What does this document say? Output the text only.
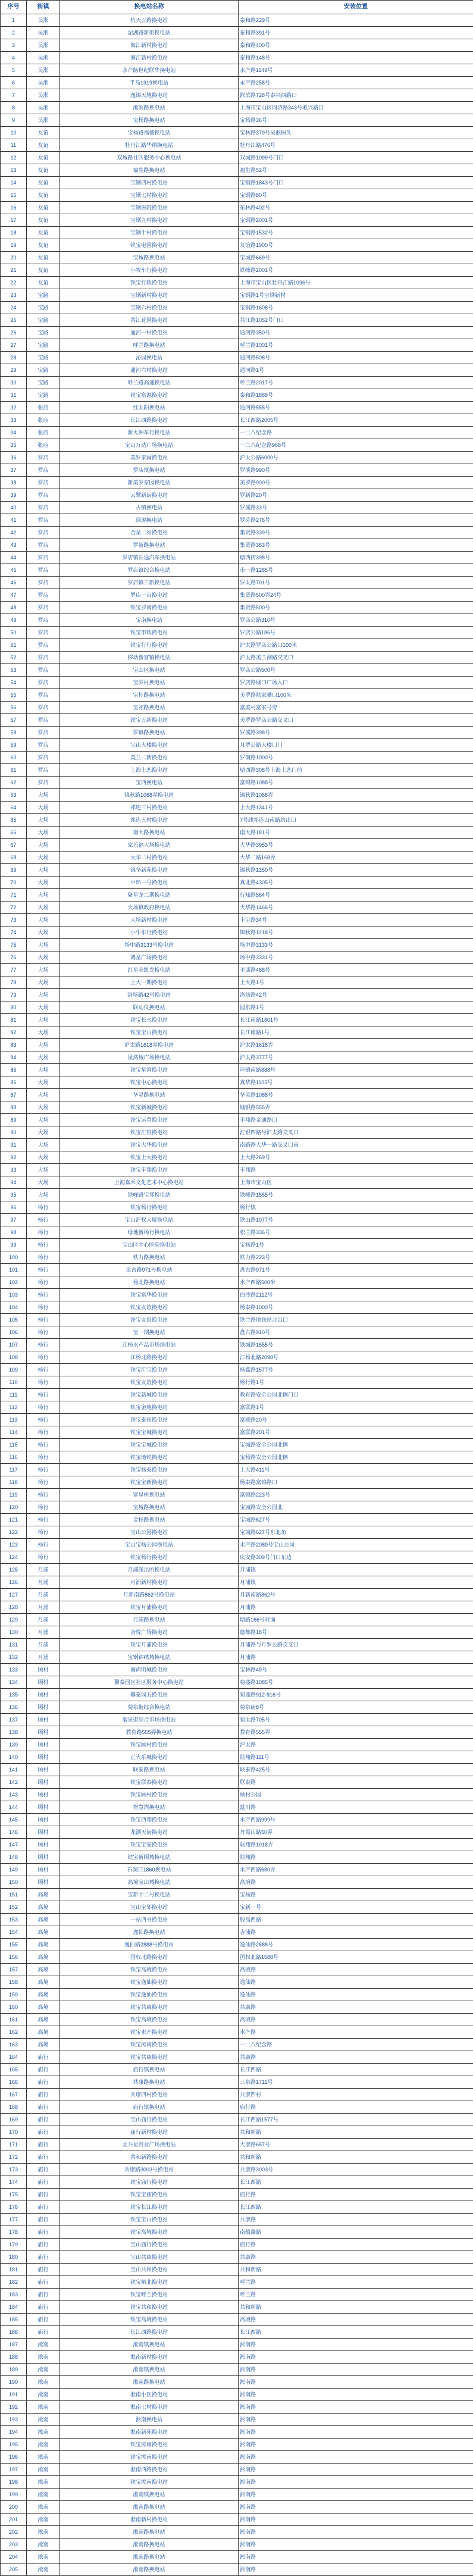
序号	街镇	换电站名称	安装位置
1	吴淞	杭天五路换电站	泰和路229号
2	吴淞	泥湖路新街换电站	泰和路391号
3	吴淞	海江新村换电站	泰和路400号
4	吴淞	海江新村换电站	泰和路148号
5	吴淞	永产路世纪联华换电站	永产路1149号
6	吴淞	半岛1919换电站	永产路258号
7	吴淞	逸锦天地换电站	淞滨路728号泰兴西路口
8	吴淞	淞滨路换电站	上海市宝山区同济路343号淞兴路口
9	吴淞	宝杨路换电站	宝杨路36号
10	友谊	宝杨路福德换电站	宝林路379号吴淞码头
11	友谊	牡丹江路华纳换电站	牡丹江路476号
12	友谊	双城路社区服务中心换电站	双城路1099号门口
13	友谊	福生路换电站	福生路52号
14	友谊	宝钢四村换电站	宝钢路1843号门口
15	友谊	宝钢七村换电站	宝钢路80号
16	友谊	宝钢医院换电站	东林路402号
17	友谊	宝钢九村换电站	宝钢路2001号
18	友谊	宝钢十村换电站	宝钢路1532号
19	友谊	铁宝电园换电站	友谊路1900号
20	友谊	宝城路换电站	宝城路669号
21	友谊	小牧车行换电站	铁峰路2001号
22	友谊	铁宝行政换电站	上海市宝山区牡丹江路1096号
23	宝路	宝钢新村换电站	宝钢路1号宝钢新村
24	宝路	宝钢六村换电站	宝钢路1608号
25	宝路	共江花园换电站	共江路1052号门口
26	宝路	通河一村换电站	通河路350号
27	宝路	呼兰路换电站	呼兰路1001号
28	宝路	沁园换电站	通河路508号
29	宝路	通河六村换电站	通河路1号
30	宝路	呼兰路高速换电站	呼兰路2017号
31	宝路	铁宝富源换电站	泰和路1889号
32	张庙	红太阳换电站	通河路555号
33	张庙	长江西路换电站	长江西路2005号
34	张庙	新大洲车行换电站	一二八纪念路
35	张庙	宝山万达广场换电站	一二八纪念路968号
36	罗店	美罗家园换电站	沪太公路6000号
37	罗店	罗店镇换电站	罗溪路990号
38	罗店	新美罗家园换电站	美罗路900号
39	罗店	云鹭新街换电站	罗新路20号
40	罗店	古镇换电站	罗溪路33号
41	罗店	绿源换电站	罗芬路276号
42	罗店	金星二站换电站	集贤路339号
43	罗店	罗新路换电站	集贤路363号
44	罗店	罗店镇长途汽车换电站	塘西街398号
45	罗店	罗店镇综合换电站	市一路1285号
46	罗店	罗店镇三新换电站	罗太路701号
47	罗店	罗店一百换电站	集贤路500弄24号
48	罗店	铁宝罗南换电站	集贤路500号
49	罗店	宝南换电站	罗店公路310号
50	罗店	铁宝市政换电站	罗店公路186号
51	罗店	铁宝行行换电站	沪太路罗店公路口100米
52	罗店	移动新富镇换电站	沪太路美兰湖路交叉口
53	罗店	宝山区换电站	罗店公路500号
54	罗店	宝罗村换电站	罗店路城口广场入口
55	罗店	宝桂路换电站	美罗路陆家嘴口100米
56	罗店	宝祁路换电站	富美村富家号旁
57	罗店	铁宝五新换电站	美罗路罗店公路交叉口
58	罗店	罗镇路换电站	罗溪路398号
59	罗店	宝山大楼换电站	月罗公路大楼口门
60	罗店	美兰二新换电站	罗南路1000号
61	罗店	上海上恋换电站	塘西路308号上海上恋门前
62	罗店	宝西换电站	富锦路1088号
63	大场	锦秋路1068弄换电站	锦秋路1068弄
64	大场	祁连三村换电站	上大路1341号
65	大场	祁连五村换电站	7号线祁连山南路站出口
66	大场	南大路换电站	南大路181号
67	大场	家乐福大场换电站	大华路3953号
68	大场	大华二村换电站	大华二路168弄
69	大场	锦华新苑换电站	锦秋路1350号
70	大场	中环一号换电站	真北路4305号
71	大场	聚星龙二期换电站	行知路564号
72	大场	大场镇政府换电站	大华路1466号
73	大场	大场新村换电站	丰宝路34号
74	大场	小牛车行换电站	锦秋路1218号
75	大场	场中路3133号换电站	场中路3133号
76	大场	鸿星广场换电站	场中路3331号
77	大场	红星美凯龙换电站	平遥路488号
78	大场	上大一期换电站	上大路1号
79	大场	洛场路42号换电站	洛场路42号
80	大场	联动仪换电站	园东路1号
81	大场	铁宝长水换电站	长江南路1801号
82	大场	铁宝宝山换电站	长江南路1号
83	大场	沪太路1618弄换电站	沪太路1618弄
84	大场	星湾城广场换电站	沪太路3777号
85	大场	铁宝星湾换电站	环镇南路888号
86	大场	铁宝中心换电站	真华路1105号
87	大场	华灵路换电站	华灵路1088号
88	大场	铁宝新城换电站	城银路555弄
89	大场	铁宝运营换电站	丰翔路金通路口
90	大场	铁宝汇银换电站	汇银四路与沪太路交叉口
91	大场	铁宝大华换电站	南路路大华一路交叉口南
92	大场	铁宝上大换电站	上大路269号
93	大场	铁宝丰翔换电站	丰翔路
94	大场	上海嘉禾文化艺术中心换电站	上海市宝山区
95	大场	铁峰路宝邻换电站	铁峰路1555号
96	杨行	铁宝杨行换电站	杨行镇
97	杨行	宝山沪权大厦换电站	铁山路1077号
98	杨行	绿地新杨行换电站	松兰路336号
99	杨行	宝山区中心医院换电站	宝杨路1号
100	杨行	铁力路换电站	铁力路223号
101	杨行	盘古路971号换电站	盘古路971号
102	杨行	杨北路换电站	水产西路500米
103	杨行	铁宝富华换电站	白沙路2112号
104	杨行	铁宝友谊换电站	杨泰路1000号
105	杨行	铁宝友谊换电站	铁兰路地铁站北出口
106	杨行	宝一期换电站	盘古路910号
107	杨行	江杨水产品市场换电站	铁城路1555号
108	杨行	江杨北路换电站	江杨北路2098号
109	杨行	铁宝汇宝换电站	杨鑫路1577号
110	杨行	铁宝友谊换电站	杨行路1号
111	杨行	铁宝新城换电站	教育路安全公园北侧门口
112	杨行	铁宝金地换电站	富联路1号
113	杨行	铁宝泰和换电站	富联路20号
114	杨行	铁宝宝城换电站	富联路201号
115	杨行	铁宝宝城换电站	宝城路安全公园北侧
116	杨行	铁宝地铁换电站	宝杨路安全公园北侧
117	杨行	铁宝杨泰换电站	上大路411号
118	杨行	铁宝宝新换电站	杨泰路富锦路口
119	杨行	富星桥换电站	富锦路223号
120	杨行	宝城路换电站	宝城路安全公园北
121	杨行	金杨路换电站	宝城路627号
122	杨行	宝山公园换电站	宝城路627号东北角
123	杨行	宝山宝杨公园换电站	水产路2089号宝山公园
124	杨行	铁宝杨行换电站	庆安路309号门口东边
125	月浦	月浦派出所换电站	月浦镇
126	月浦	月浦新村换电站	月浦镇
127	月浦	月新南路862号换电站	月新南路862号
128	月浦	铁宝月浦换电站	月浦路
129	月浦	月浦路换电站	塘路166号对面
130	月浦	金悦广场换电站	德都路18号
131	月浦	铁宝月浦换电站	月浦路与月罗公路交叉口
132	月浦	宝钢锦绣城换电站	月浦路
133	顾村	海尚明城换电站	宝林路49号
134	顾村	馨泰园区社区服务中心换电站	菊盛路1085号
135	顾村	馨泰园五换电站	菊盛路912-916号
136	顾村	菊泉街综合换电站	菊泉街8号
137	顾村	菊泉街综合市场换电站	菊太路705号
138	顾村	教育路555弄换电站	教育路555弄
139	顾村	铁宝顾村换电站	沪太路
140	顾村	正大乐城换电站	陆翔路111号
141	顾村	联泰路换电站	联泰路425号
142	顾村	铁宝联泰换电站	联泰路
143	顾村	铁宝顾村换电站	顾村公园
144	顾村	智慧湾换电站	蕰川路
145	顾村	铁宝西翔换电站	水产西路999号
146	顾村	龙湖天街换电站	丹霞山路50弄
147	顾村	铁宝宝安换电站	陆翔路1018弄
148	顾村	铁宝新顾城换电站	陆翔路
149	顾村	石洞口1860换电站	水产西路680弄
150	顾村	高境宝山城换电站	高境路
151	高境	宝新十二号换电站	宝杨路
152	高境	宝山宝邻换电站	宝新一号
153	高境	一站西书换电站	殷高西路
154	高境	逸仙路换电站	吉浦路
155	高境	逸仙路2888号换电站	逸仙路2888号
156	高境	国权北路换电站	国权北路1588号
157	高境	铁宝高境换电站	高境路
158	高境	铁宝逸仙换电站	逸仙路
159	高境	铁宝逸仙换电站	逸仙路
160	高境	铁宝共康换电站	共康路
161	高境	铁宝高境换电站	高境路
162	高境	铁宝水产换电站	水产路
163	高境	铁宝淞南换电站	一二八纪念路
164	庙行	铁宝共康换电站	共康路
165	庙行	庙行镇换电站	长江西路
166	庙行	共康路换电站	三泉路1711号
167	庙行	共康四村换电站	共康四村
168	庙行	庙行镇换电站	庙行路
169	庙行	宝山庙行换电站	长江西路1577号
170	庙行	庙行新村换电站	共和新路
171	庙行	北斗星商业广场换电站	大康路657号
172	庙行	共和新路换电站	共和新路
173	庙行	共康路3003号换电站	共康路3003号
174	庙行	铁宝庙行换电站	长江西路
175	庙行	铁宝宝庙换电站	庙行路
176	庙行	铁宝长江换电站	长江西路
177	庙行	铁宝宝山换电站	共康路
178	庙行	铁宝高境换电站	南蕴藻路
179	庙行	宝山庙行换电站	庙行路
180	庙行	宝山共康换电站	共康路
181	庙行	宝山共和换电站	共和新路
182	庙行	铁宝闸北换电站	呼兰路
183	庙行	铁宝呼兰换电站	呼兰路
184	庙行	铁宝共和换电站	共和新路
185	庙行	铁宝高境换电站	高境路
186	庙行	长江西路换电站	长江西路
187	淞南	淞南镇换电站	淞南路
188	淞南	淞南新村换电站	淞南路
189	淞南	淞南镇换电站	淞南路
190	淞南	淞南路换电站	淞南路
191	淞南	淞南小区换电站	淞南路
192	淞南	淞南七村换电站	淞南路
193	淞南	淞南换电站	淞南路
194	淞南	淞南新苑换电站	淞南路
195	淞南	铁宝淞南换电站	淞南路
196	淞南	铁宝淞南换电站	淞南路
197	淞南	淞南西路换电站	淞南路
198	淞南	铁宝淞南换电站	淞南路
199	淞南	淞南镇换电站	淞南路
200	淞南	淞南路换电站	淞南路
201	淞南	淞南新村换电站	淞南路
202	淞南	淞南路换电站	淞南路
203	淞南	淞南路换电站	淞南路
204	淞南	淞南路换电站	淞南路
205	淞南	淞南路换电站	淞南路
